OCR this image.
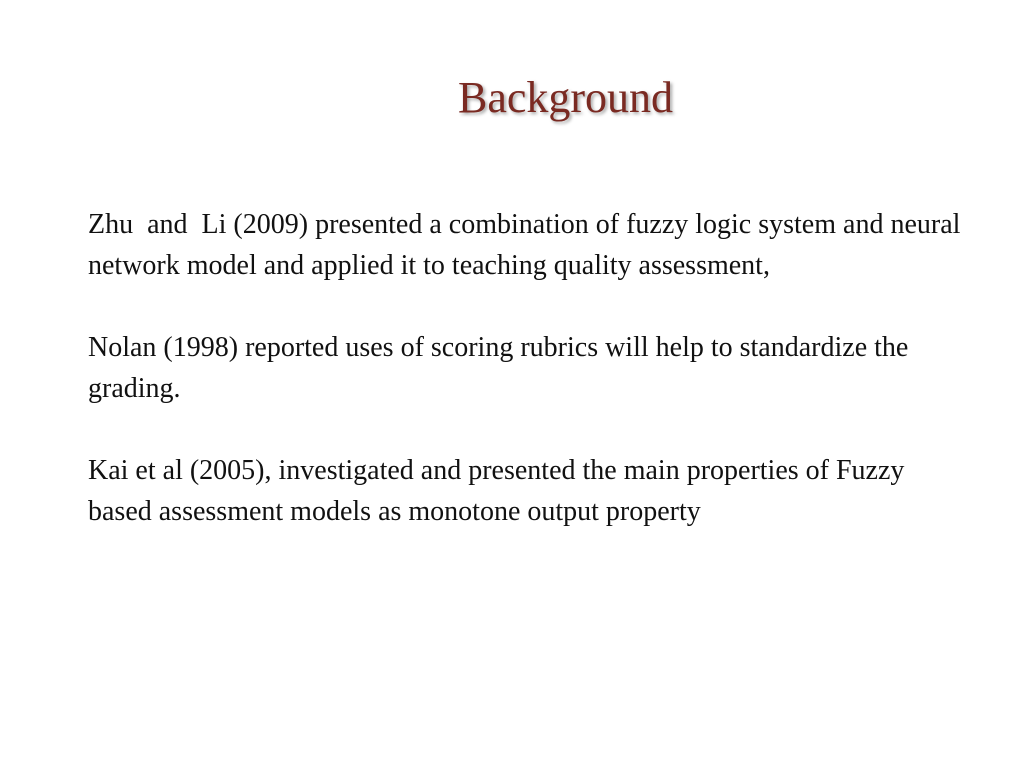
Background

Zhu  and  Li (2009) presented a combination of fuzzy logic system and neural network model and applied it to teaching quality assessment,

Nolan (1998) reported uses of scoring rubrics will help to standardize the grading.

Kai et al (2005), investigated and presented the main properties of Fuzzy based assessment models as monotone output property
